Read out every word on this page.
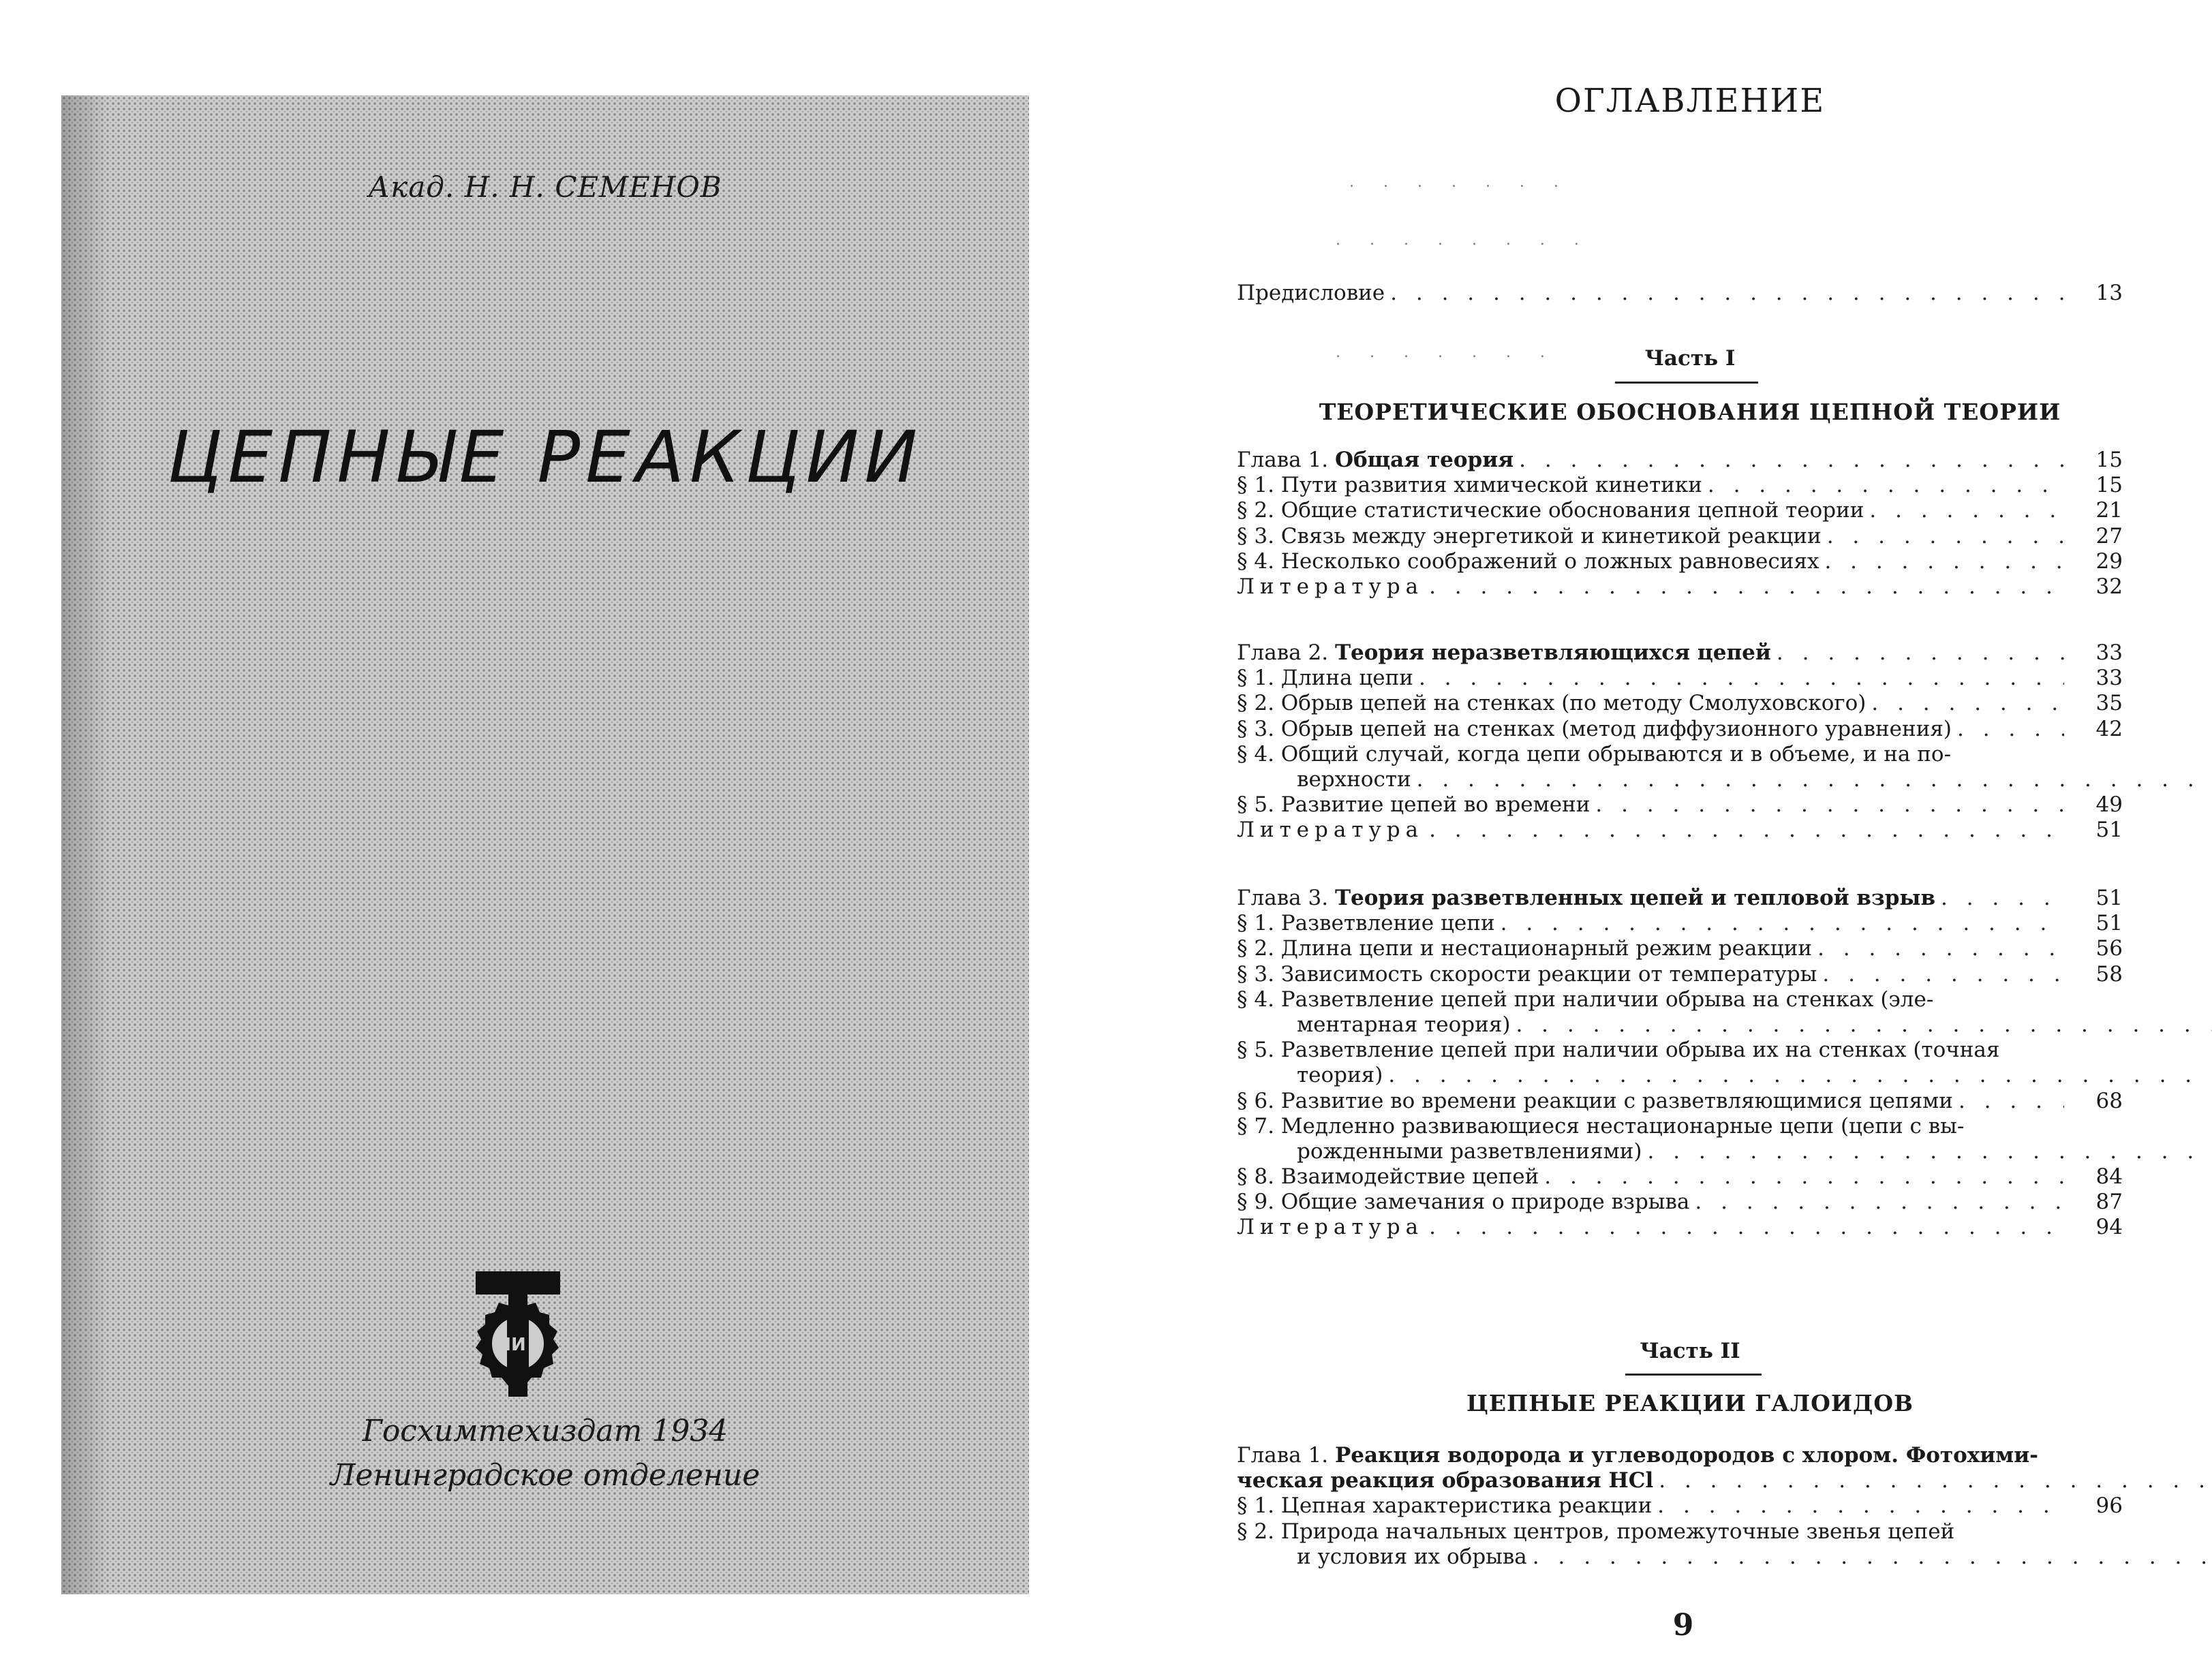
Акад. Н. Н. СЕМЕНОВ
ЦЕПНЫЕ РЕАКЦИИ
НИ
Госхимтехиздат 1934
Ленинградское отделение
ОГЛАВЛЕНИЕ
. . . . . . .
. . . . . . . .
. . . . . . .
Предисловие . . .	13
Часть I
ТЕОРЕТИЧЕСКИЕ ОБОСНОВАНИЯ ЦЕПНОЙ ТЕОРИИ
Глава 1. Общая теория . . .	15
§ 1. Пути развития химической кинетики . . .	15
§ 2. Общие статистические обоснования цепной теории . . .	21
§ 3. Связь между энергетикой и кинетикой реакции . . .	27
§ 4. Несколько соображений о ложных равновесиях . . .	29
Литература . . .	32
Глава 2. Теория неразветвляющихся цепей . . .	33
§ 1. Длина цепи . . .	33
§ 2. Обрыв цепей на стенках (по методу Смолуховского) . . .	35
§ 3. Обрыв цепей на стенках (метод диффузионного уравнения) . . .	42
§ 4. Общий случай, когда цепи обрываются и в объеме, и на по-
верхности
. . .
§ 5. Развитие цепей во времени . . .	49
Литература . . .	51
Глава 3. Теория разветвленных цепей и тепловой взрыв . . .	51
§ 1. Разветвление цепи . . .	51
§ 2. Длина цепи и нестационарный режим реакции . . .	56
§ 3. Зависимость скорости реакции от температуры . . .	58
§ 4. Разветвление цепей при наличии обрыва на стенках (эле-
ментарная теория)
. . .
§ 5. Разветвление цепей при наличии обрыва их на стенках (точная
теория)
. . .
§ 6. Развитие во времени реакции с разветвляющимися цепями . . .	68
§ 7. Медленно развивающиеся нестационарные цепи (цепи с вы-
рожденными разветвлениями)
. . .
§ 8. Взаимодействие цепей . . .	84
§ 9. Общие замечания о природе взрыва . . .	87
Литература . . .	94
Часть II
ЦЕПНЫЕ РЕАКЦИИ ГАЛОИДОВ
Глава 1. Реакция водорода и углеводородов с хлором. Фотохими-
ческая реакция образования HCl
. . .
§ 1. Цепная характеристика реакции . . .	96
§ 2. Природа начальных центров, промежуточные звенья цепей
и условия их обрыва
. . .
9
